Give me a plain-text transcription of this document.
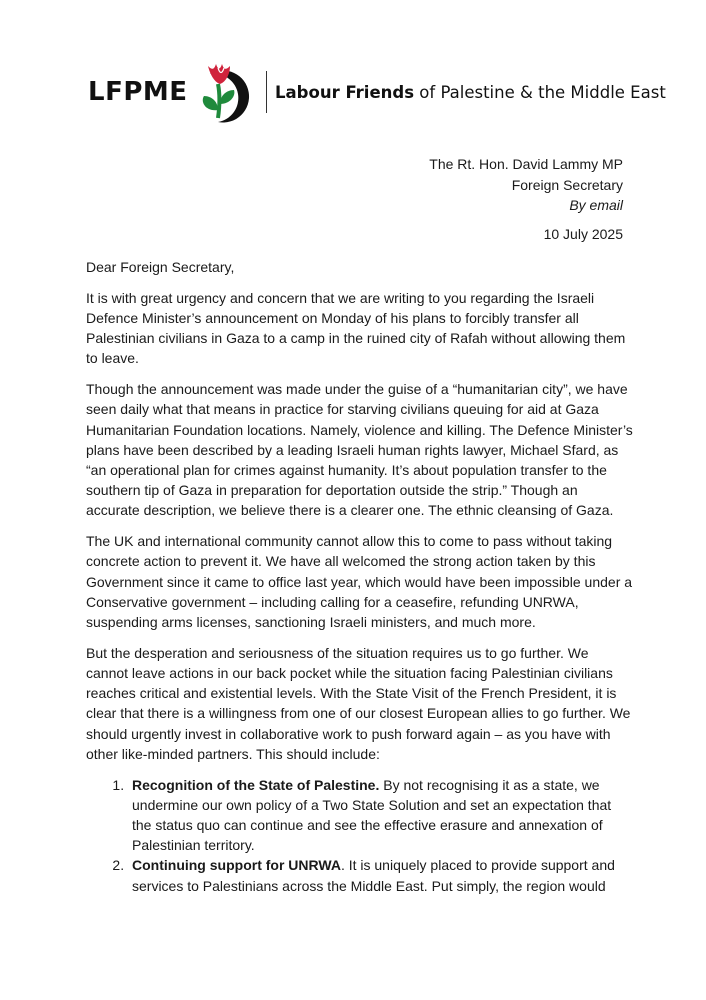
LFPME	Labour Friends of Palestine & the Middle East
The Rt. Hon. David Lammy MP
Foreign Secretary
By email
10 July 2025

Dear Foreign Secretary,

It is with great urgency and concern that we are writing to you regarding the Israeli Defence Minister’s announcement on Monday of his plans to forcibly transfer all Palestinian civilians in Gaza to a camp in the ruined city of Rafah without allowing them to leave.

Though the announcement was made under the guise of a “humanitarian city”, we have seen daily what that means in practice for starving civilians queuing for aid at Gaza Humanitarian Foundation locations. Namely, violence and killing. The Defence Minister’s plans have been described by a leading Israeli human rights lawyer, Michael Sfard, as “an operational plan for crimes against humanity. It’s about population transfer to the southern tip of Gaza in preparation for deportation outside the strip.” Though an accurate description, we believe there is a clearer one. The ethnic cleansing of Gaza.

The UK and international community cannot allow this to come to pass without taking concrete action to prevent it. We have all welcomed the strong action taken by this Government since it came to office last year, which would have been impossible under a Conservative government – including calling for a ceasefire, refunding UNRWA, suspending arms licenses, sanctioning Israeli ministers, and much more.

But the desperation and seriousness of the situation requires us to go further. We cannot leave actions in our back pocket while the situation facing Palestinian civilians reaches critical and existential levels. With the State Visit of the French President, it is clear that there is a willingness from one of our closest European allies to go further. We should urgently invest in collaborative work to push forward again – as you have with other like-minded partners. This should include:

1. Recognition of the State of Palestine. By not recognising it as a state, we undermine our own policy of a Two State Solution and set an expectation that the status quo can continue and see the effective erasure and annexation of Palestinian territory.
2. Continuing support for UNRWA. It is uniquely placed to provide support and services to Palestinians across the Middle East. Put simply, the region would
